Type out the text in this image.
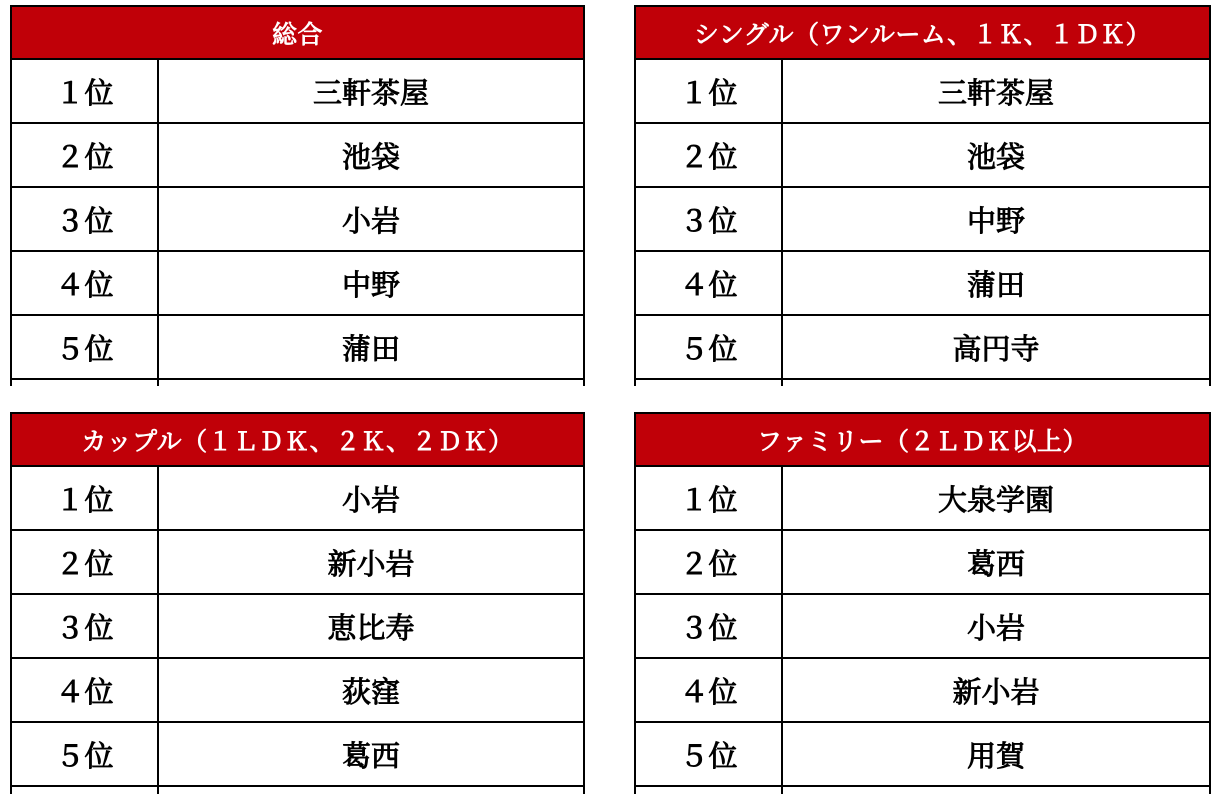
総合
１位	三軒茶屋
２位	池袋
３位	小岩
４位	中野
５位	蒲田
シングル（ワンルーム、１Ｋ、１ＤＫ）
１位	三軒茶屋
２位	池袋
３位	中野
４位	蒲田
５位	高円寺
カップル（１ＬＤＫ、２Ｋ、２ＤＫ）
１位	小岩
２位	新小岩
３位	恵比寿
４位	荻窪
５位	葛西
ファミリー（２ＬＤＫ以上）
１位	大泉学園
２位	葛西
３位	小岩
４位	新小岩
５位	用賀
